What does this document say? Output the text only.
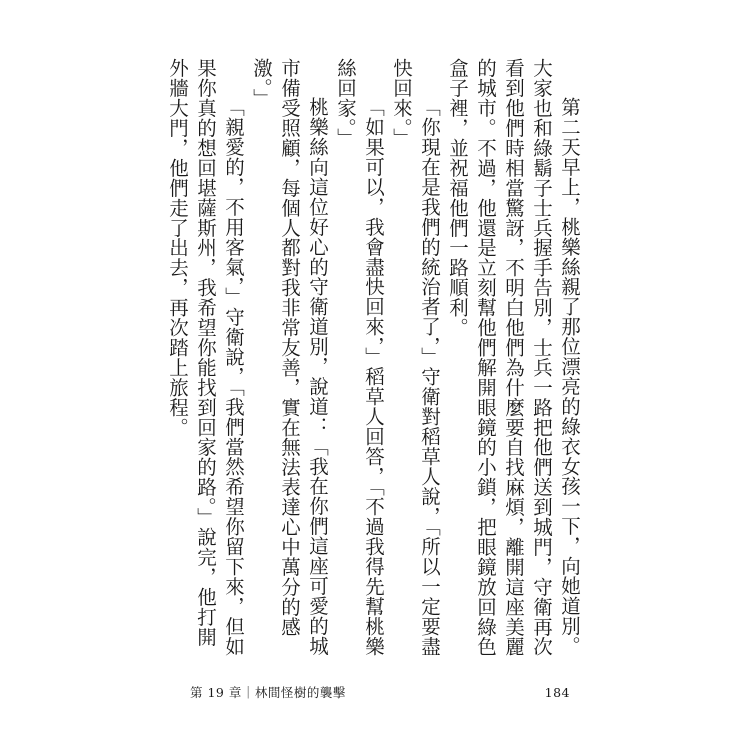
第二天早上，桃樂絲親了那位漂亮的綠衣女孩一下，向她道別。大家也和綠鬍子士兵握手告別，士兵一路把他們送到城門，守衛再次看到他們時相當驚訝，不明白他們為什麼要自找麻煩，離開這座美麗的城市。不過，他還是立刻幫他們解開眼鏡的小鎖，把眼鏡放回綠色盒子裡，並祝福他們一路順利。

「你現在是我們的統治者了，」守衛對稻草人說，「所以一定要盡快回來。」

「如果可以，我會盡快回來，」稻草人回答，「不過我得先幫桃樂絲回家。」

桃樂絲向這位好心的守衛道別，說道：「我在你們這座可愛的城市備受照顧，每個人都對我非常友善，實在無法表達心中萬分的感激。」

「親愛的，不用客氣，」守衛說，「我們當然希望你留下來，但如果你真的想回堪薩斯州，我希望你能找到回家的路。」說完，他打開外牆大門，他們走了出去，再次踏上旅程。

第 19 章｜林間怪樹的襲擊	184
